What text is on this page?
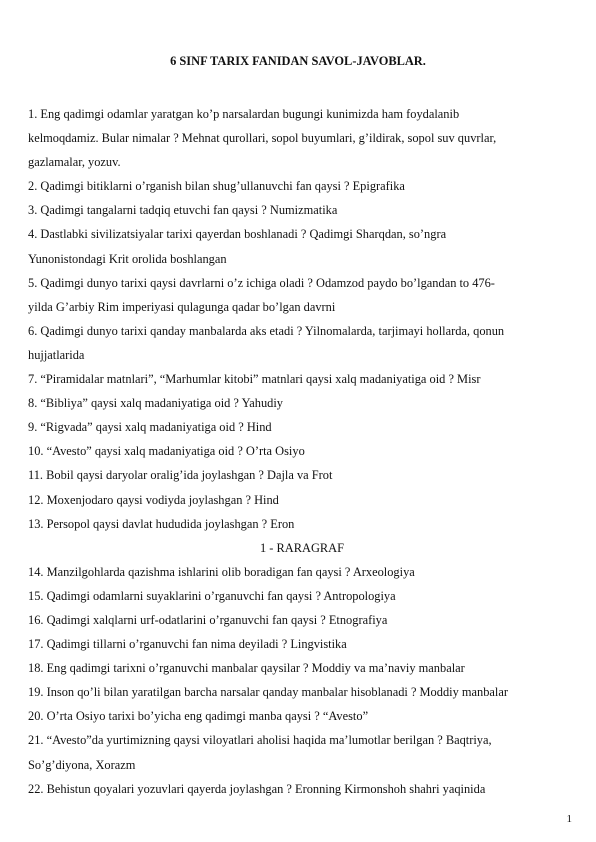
6 SINF TARIX FANIDAN SAVOL-JAVOBLAR.
1. Eng qadimgi odamlar yaratgan ko’p narsalardan bugungi kunimizda ham foydalanib
kelmoqdamiz. Bular nimalar ? Mehnat qurollari, sopol buyumlari, g’ildirak, sopol suv quvrlar,
gazlamalar, yozuv.
2. Qadimgi bitiklarni o’rganish bilan shug’ullanuvchi fan qaysi ? Epigrafika
3. Qadimgi tangalarni tadqiq etuvchi fan qaysi ? Numizmatika
4. Dastlabki sivilizatsiyalar tarixi qayerdan boshlanadi ? Qadimgi Sharqdan, so’ngra
Yunonistondagi Krit orolida boshlangan
5. Qadimgi dunyo tarixi qaysi davrlarni o’z ichiga oladi ? Odamzod paydo bo’lgandan to 476-
yilda G’arbiy Rim imperiyasi qulagunga qadar bo’lgan davrni
6. Qadimgi dunyo tarixi qanday manbalarda aks etadi ? Yilnomalarda, tarjimayi hollarda, qonun
hujjatlarida
7. “Piramidalar matnlari”, “Marhumlar kitobi” matnlari qaysi xalq madaniyatiga oid ? Misr
8. “Bibliya” qaysi xalq madaniyatiga oid ? Yahudiy
9. “Rigvada” qaysi xalq madaniyatiga oid ? Hind
10. “Avesto” qaysi xalq madaniyatiga oid ? O’rta Osiyo
11. Bobil qaysi daryolar oralig’ida joylashgan ? Dajla va Frot
12. Moxenjodaro qaysi vodiyda joylashgan ? Hind
13. Persopol qaysi davlat hududida joylashgan ? Eron
1 - RARAGRAF
14. Manzilgohlarda qazishma ishlarini olib boradigan fan qaysi ? Arxeologiya
15. Qadimgi odamlarni suyaklarini o’rganuvchi fan qaysi ? Antropologiya
16. Qadimgi xalqlarni urf-odatlarini o’rganuvchi fan qaysi ? Etnografiya
17. Qadimgi tillarni o’rganuvchi fan nima deyiladi ? Lingvistika
18. Eng qadimgi tarixni o’rganuvchi manbalar qaysilar ? Moddiy va ma’naviy manbalar
19. Inson qo’li bilan yaratilgan barcha narsalar qanday manbalar hisoblanadi ? Moddiy manbalar
20. O’rta Osiyo tarixi bo’yicha eng qadimgi manba qaysi ? “Avesto”
21. “Avesto”da yurtimizning qaysi viloyatlari aholisi haqida ma’lumotlar berilgan ? Baqtriya,
So’g’diyona, Xorazm
22. Behistun qoyalari yozuvlari qayerda joylashgan ? Eronning Kirmonshoh shahri yaqinida
1
